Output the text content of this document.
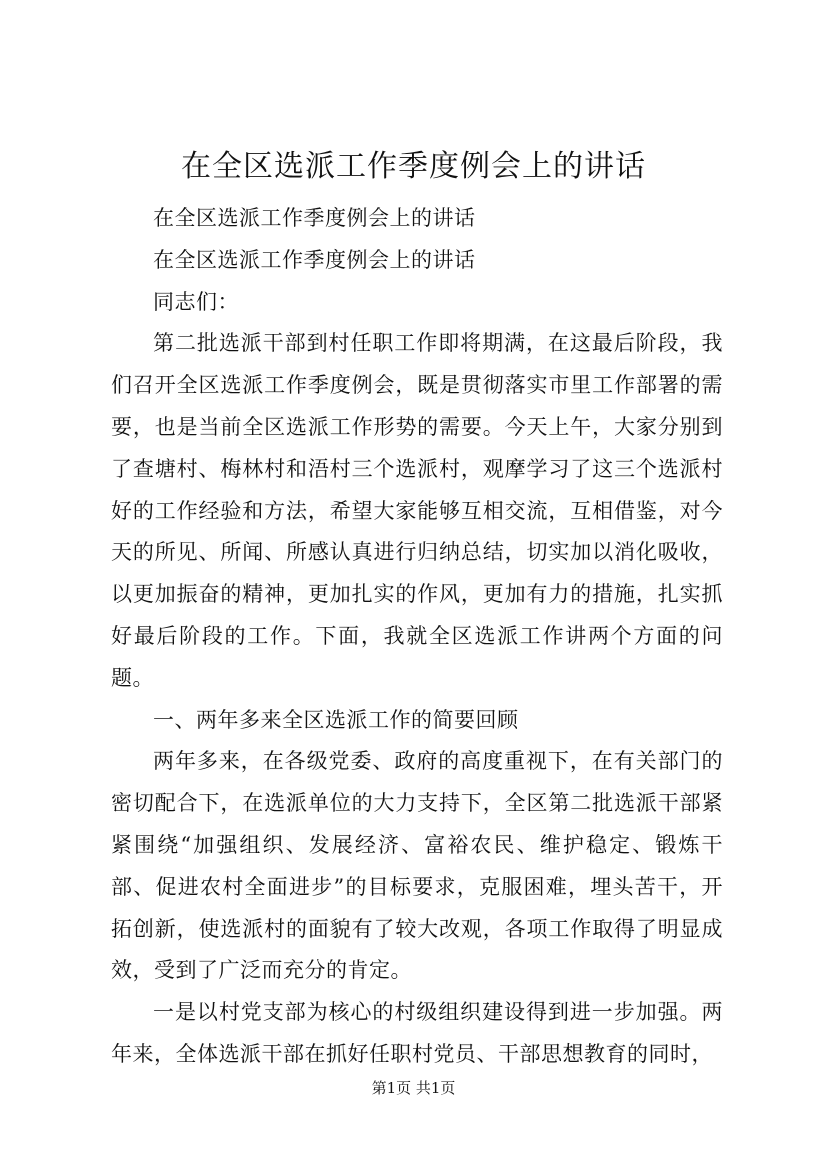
在全区选派工作季度例会上的讲话

在全区选派工作季度例会上的讲话

在全区选派工作季度例会上的讲话

同志们：

第二批选派干部到村任职工作即将期满，在这最后阶段，我们召开全区选派工作季度例会，既是贯彻落实市里工作部署的需要，也是当前全区选派工作形势的需要。今天上午，大家分别到了查塘村、梅林村和浯村三个选派村，观摩学习了这三个选派村好的工作经验和方法，希望大家能够互相交流，互相借鉴，对今天的所见、所闻、所感认真进行归纳总结，切实加以消化吸收，以更加振奋的精神，更加扎实的作风，更加有力的措施，扎实抓好最后阶段的工作。下面，我就全区选派工作讲两个方面的问题。

一、两年多来全区选派工作的简要回顾

两年多来，在各级党委、政府的高度重视下，在有关部门的密切配合下，在选派单位的大力支持下，全区第二批选派干部紧紧围绕“加强组织、发展经济、富裕农民、维护稳定、锻炼干部、促进农村全面进步”的目标要求，克服困难，埋头苦干，开拓创新，使选派村的面貌有了较大改观，各项工作取得了明显成效，受到了广泛而充分的肯定。

一是以村党支部为核心的村级组织建设得到进一步加强。两年来，全体选派干部在抓好任职村党员、干部思想教育的同时，

第1页 共1页
